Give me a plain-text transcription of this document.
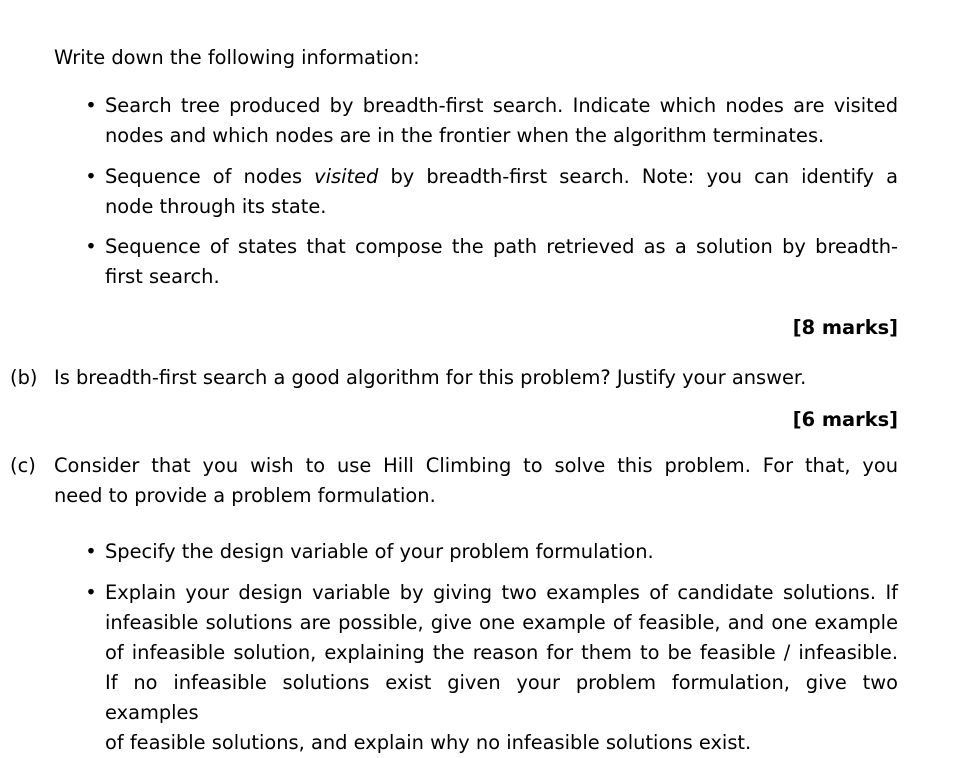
Write down the following information:
• Search tree produced by breadth-first search. Indicate which nodes are visited
nodes and which nodes are in the frontier when the algorithm terminates.
• Sequence of nodes visited by breadth-first search. Note: you can identify a
node through its state.
• Sequence of states that compose the path retrieved as a solution by breadth-
first search.
[8 marks]
(b) Is breadth-first search a good algorithm for this problem? Justify your answer.
[6 marks]
(c) Consider that you wish to use Hill Climbing to solve this problem. For that, you
need to provide a problem formulation.
• Specify the design variable of your problem formulation.
• Explain your design variable by giving two examples of candidate solutions. If
infeasible solutions are possible, give one example of feasible, and one example
of infeasible solution, explaining the reason for them to be feasible / infeasible.
If no infeasible solutions exist given your problem formulation, give two examples
of feasible solutions, and explain why no infeasible solutions exist.
